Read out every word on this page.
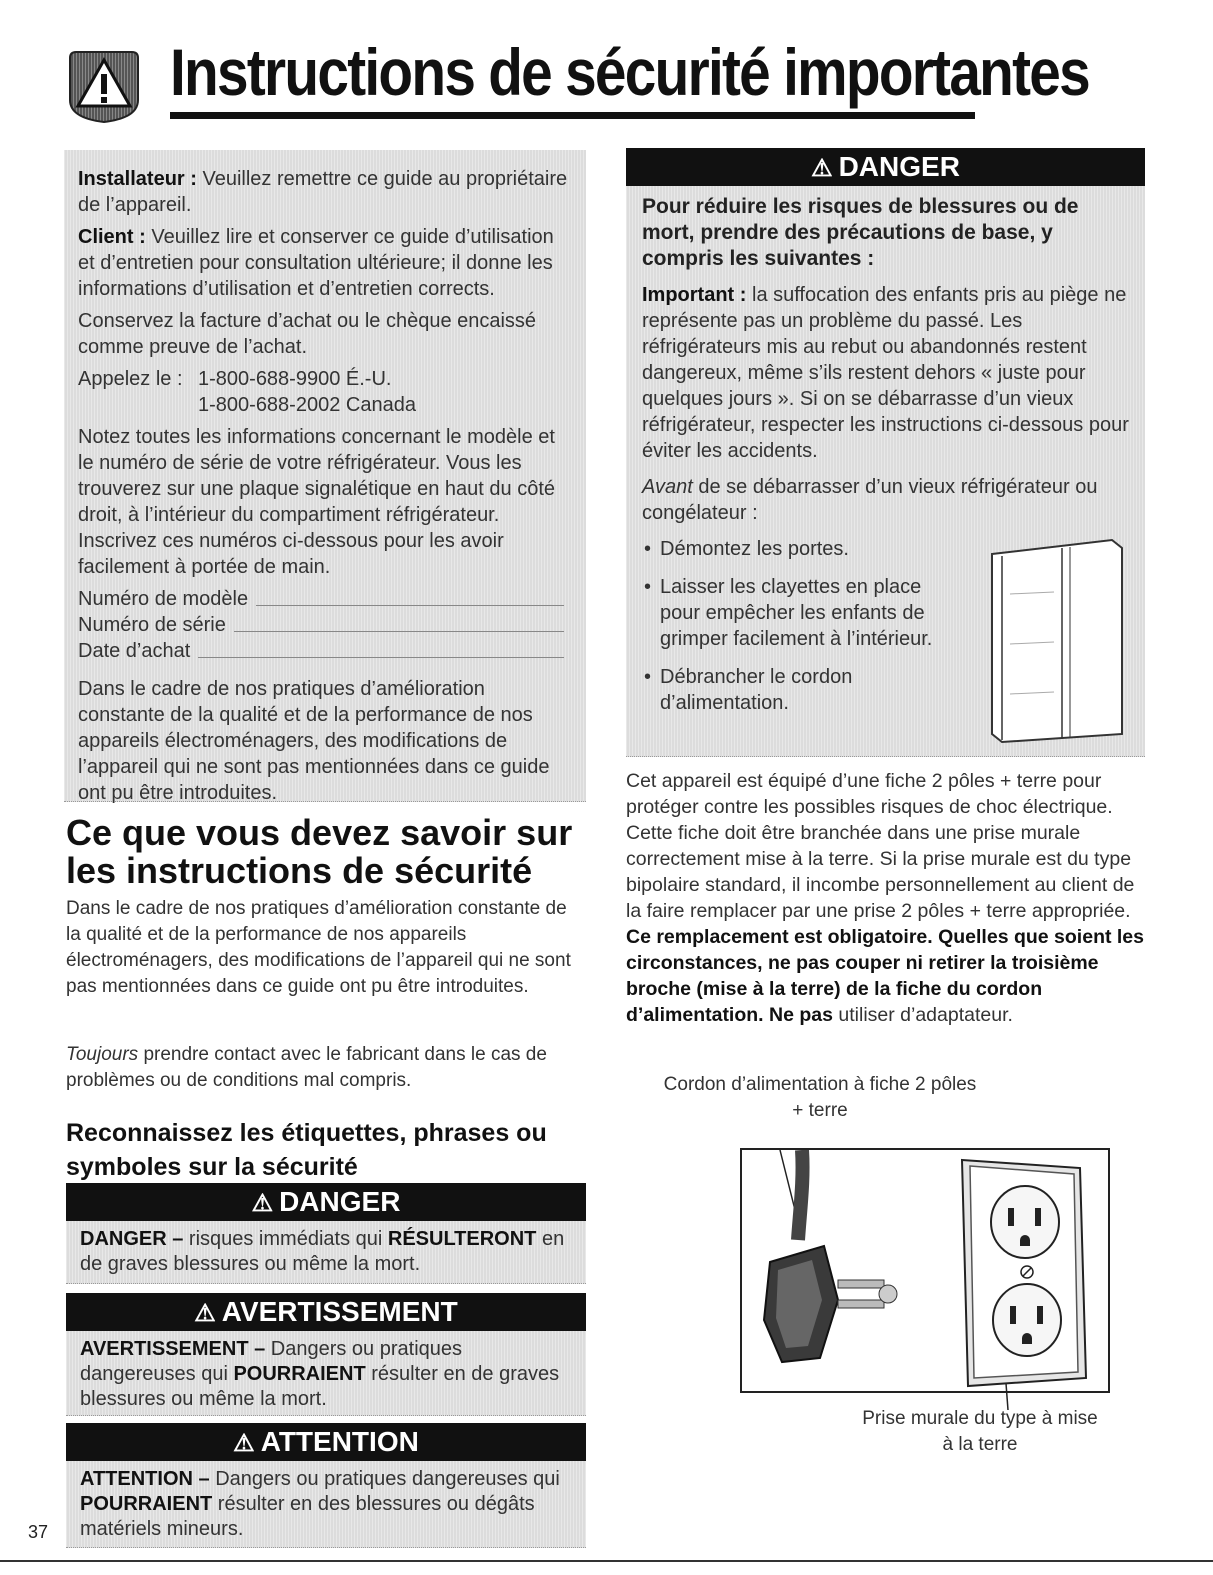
Instructions de sécurité importantes

Installateur : Veuillez remettre ce guide au propriétaire de l’appareil.

Client : Veuillez lire et conserver ce guide d’utilisation et d’entretien pour consultation ultérieure; il donne les informations d’utilisation et d’entretien corrects.

Conservez la facture d’achat ou le chèque encaissé comme preuve de l’achat.

Appelez le : 1-800-688-9900 É.-U.
1-800-688-2002 Canada

Notez toutes les informations concernant le modèle et le numéro de série de votre réfrigérateur. Vous les trouverez sur une plaque signalétique en haut du côté droit, à l’intérieur du compartiment réfrigérateur. Inscrivez ces numéros ci-dessous pour les avoir facilement à portée de main.

Numéro de modèle
Numéro de série
Date d’achat

Dans le cadre de nos pratiques d’amélioration constante de la qualité et de la performance de nos appareils électroménagers, des modifications de l’appareil qui ne sont pas mentionnées dans ce guide ont pu être introduites.

⚠ DANGER

Pour réduire les risques de blessures ou de mort, prendre des précautions de base, y compris les suivantes :

Important : la suffocation des enfants pris au piège ne représente pas un problème du passé. Les réfrigérateurs mis au rebut ou abandonnés restent dangereux, même s’ils restent dehors « juste pour quelques jours ». Si on se débarrasse d’un vieux réfrigérateur, respecter les instructions ci-dessous pour éviter les accidents.

Avant de se débarrasser d’un vieux réfrigérateur ou congélateur :

• Démontez les portes.
• Laisser les clayettes en place pour empêcher les enfants de grimper facilement à l’intérieur.
• Débrancher le cordon d’alimentation.
Ce que vous devez savoir sur les instructions de sécurité

Dans le cadre de nos pratiques d’amélioration constante de la qualité et de la performance de nos appareils électroménagers, des modifications de l’appareil qui ne sont pas mentionnées dans ce guide ont pu être introduites.

Toujours prendre contact avec le fabricant dans le cas de problèmes ou de conditions mal compris.

Reconnaissez les étiquettes, phrases ou symboles sur la sécurité
⚠ DANGER
DANGER – risques immédiats qui RÉSULTERONT en de graves blessures ou même la mort.
⚠ AVERTISSEMENT
AVERTISSEMENT – Dangers ou pratiques dangereuses qui POURRAIENT résulter en de graves blessures ou même la mort.
⚠ ATTENTION
ATTENTION – Dangers ou pratiques dangereuses qui POURRAIENT résulter en des blessures ou dégâts matériels mineurs.
37

Cet appareil est équipé d’une fiche 2 pôles + terre pour protéger contre les possibles risques de choc électrique. Cette fiche doit être branchée dans une prise murale correctement mise à la terre. Si la prise murale est du type bipolaire standard, il incombe personnellement au client de la faire remplacer par une prise 2 pôles + terre appropriée. Ce remplacement est obligatoire. Quelles que soient les circonstances, ne pas couper ni retirer la troisième broche (mise à la terre) de la fiche du cordon d’alimentation. Ne pas utiliser d’adaptateur.

Cordon d’alimentation à fiche 2 pôles + terre

Prise murale du type à mise à la terre
